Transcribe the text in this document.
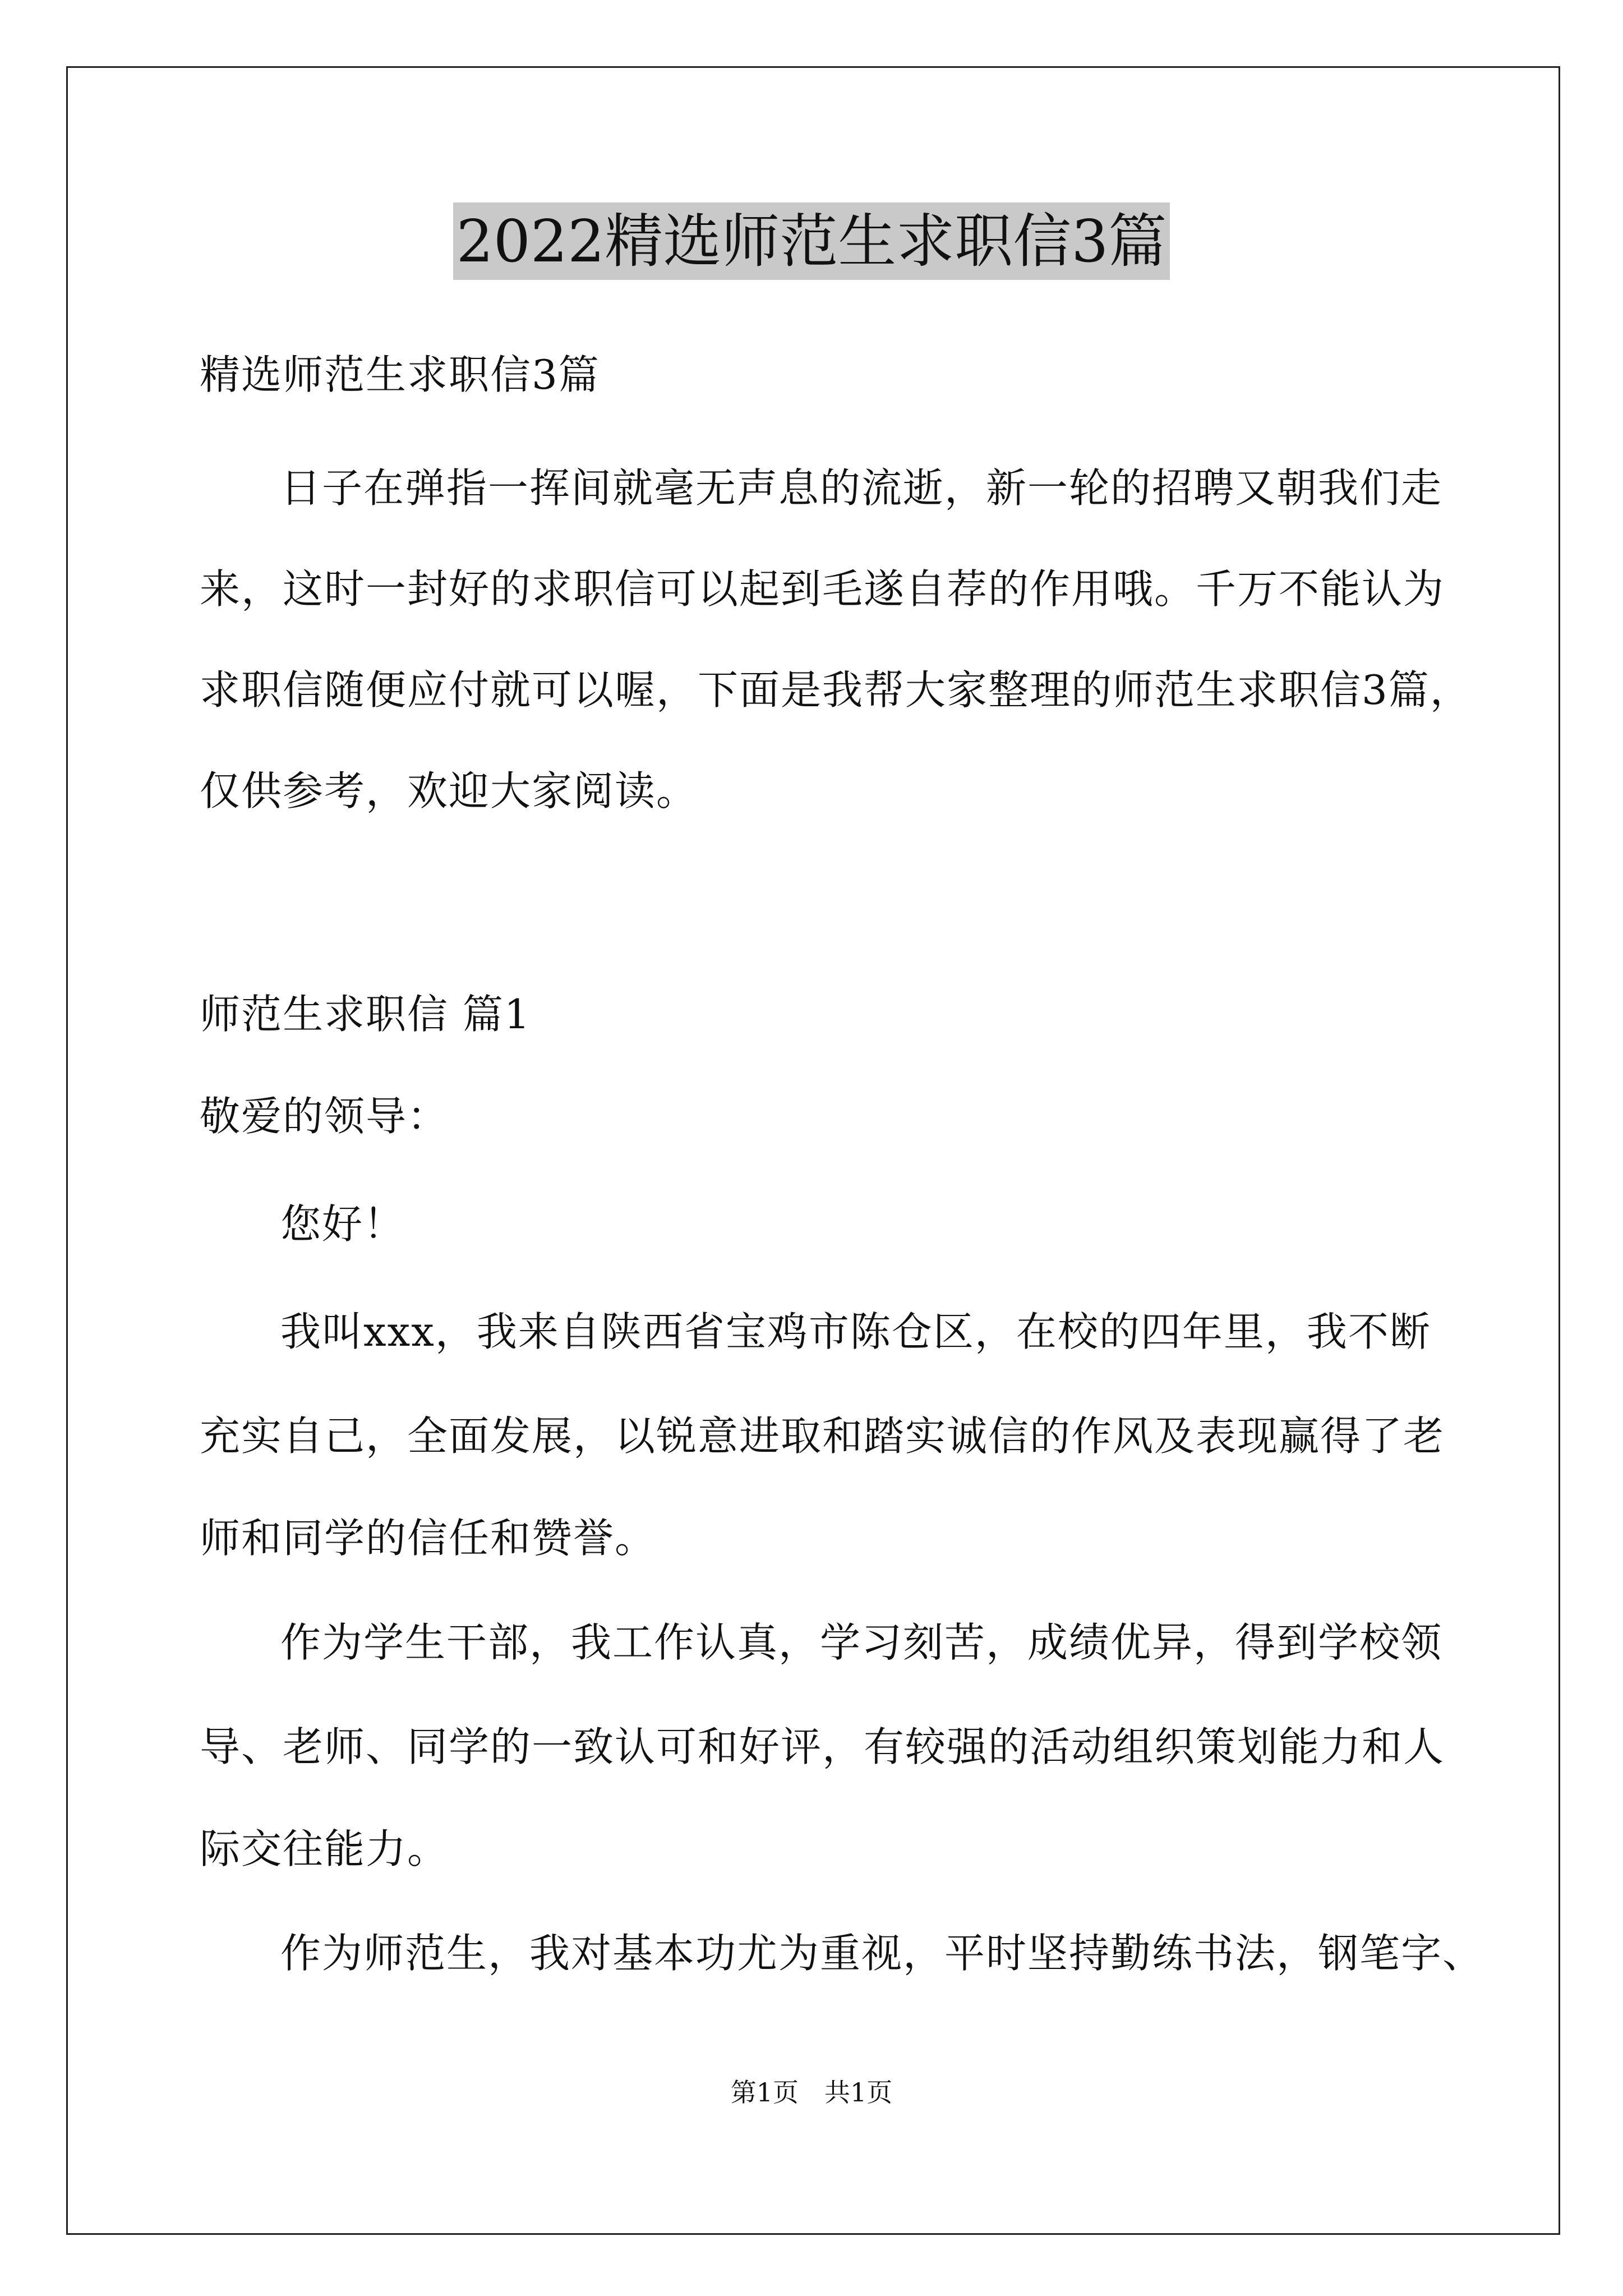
2022精选师范生求职信3篇
精选师范生求职信3篇
日子在弹指一挥间就毫无声息的流逝，新一轮的招聘又朝我们走
来，这时一封好的求职信可以起到毛遂自荐的作用哦。千万不能认为
求职信随便应付就可以喔，下面是我帮大家整理的师范生求职信3篇，
仅供参考，欢迎大家阅读。
师范生求职信 篇1
敬爱的领导：
您好！
我叫xxx，我来自陕西省宝鸡市陈仓区，在校的四年里，我不断
充实自己，全面发展，以锐意进取和踏实诚信的作风及表现赢得了老
师和同学的信任和赞誉。
作为学生干部，我工作认真，学习刻苦，成绩优异，得到学校领
导、老师、同学的一致认可和好评，有较强的活动组织策划能力和人
际交往能力。
作为师范生，我对基本功尤为重视，平时坚持勤练书法，钢笔字、
第1页　共1页
